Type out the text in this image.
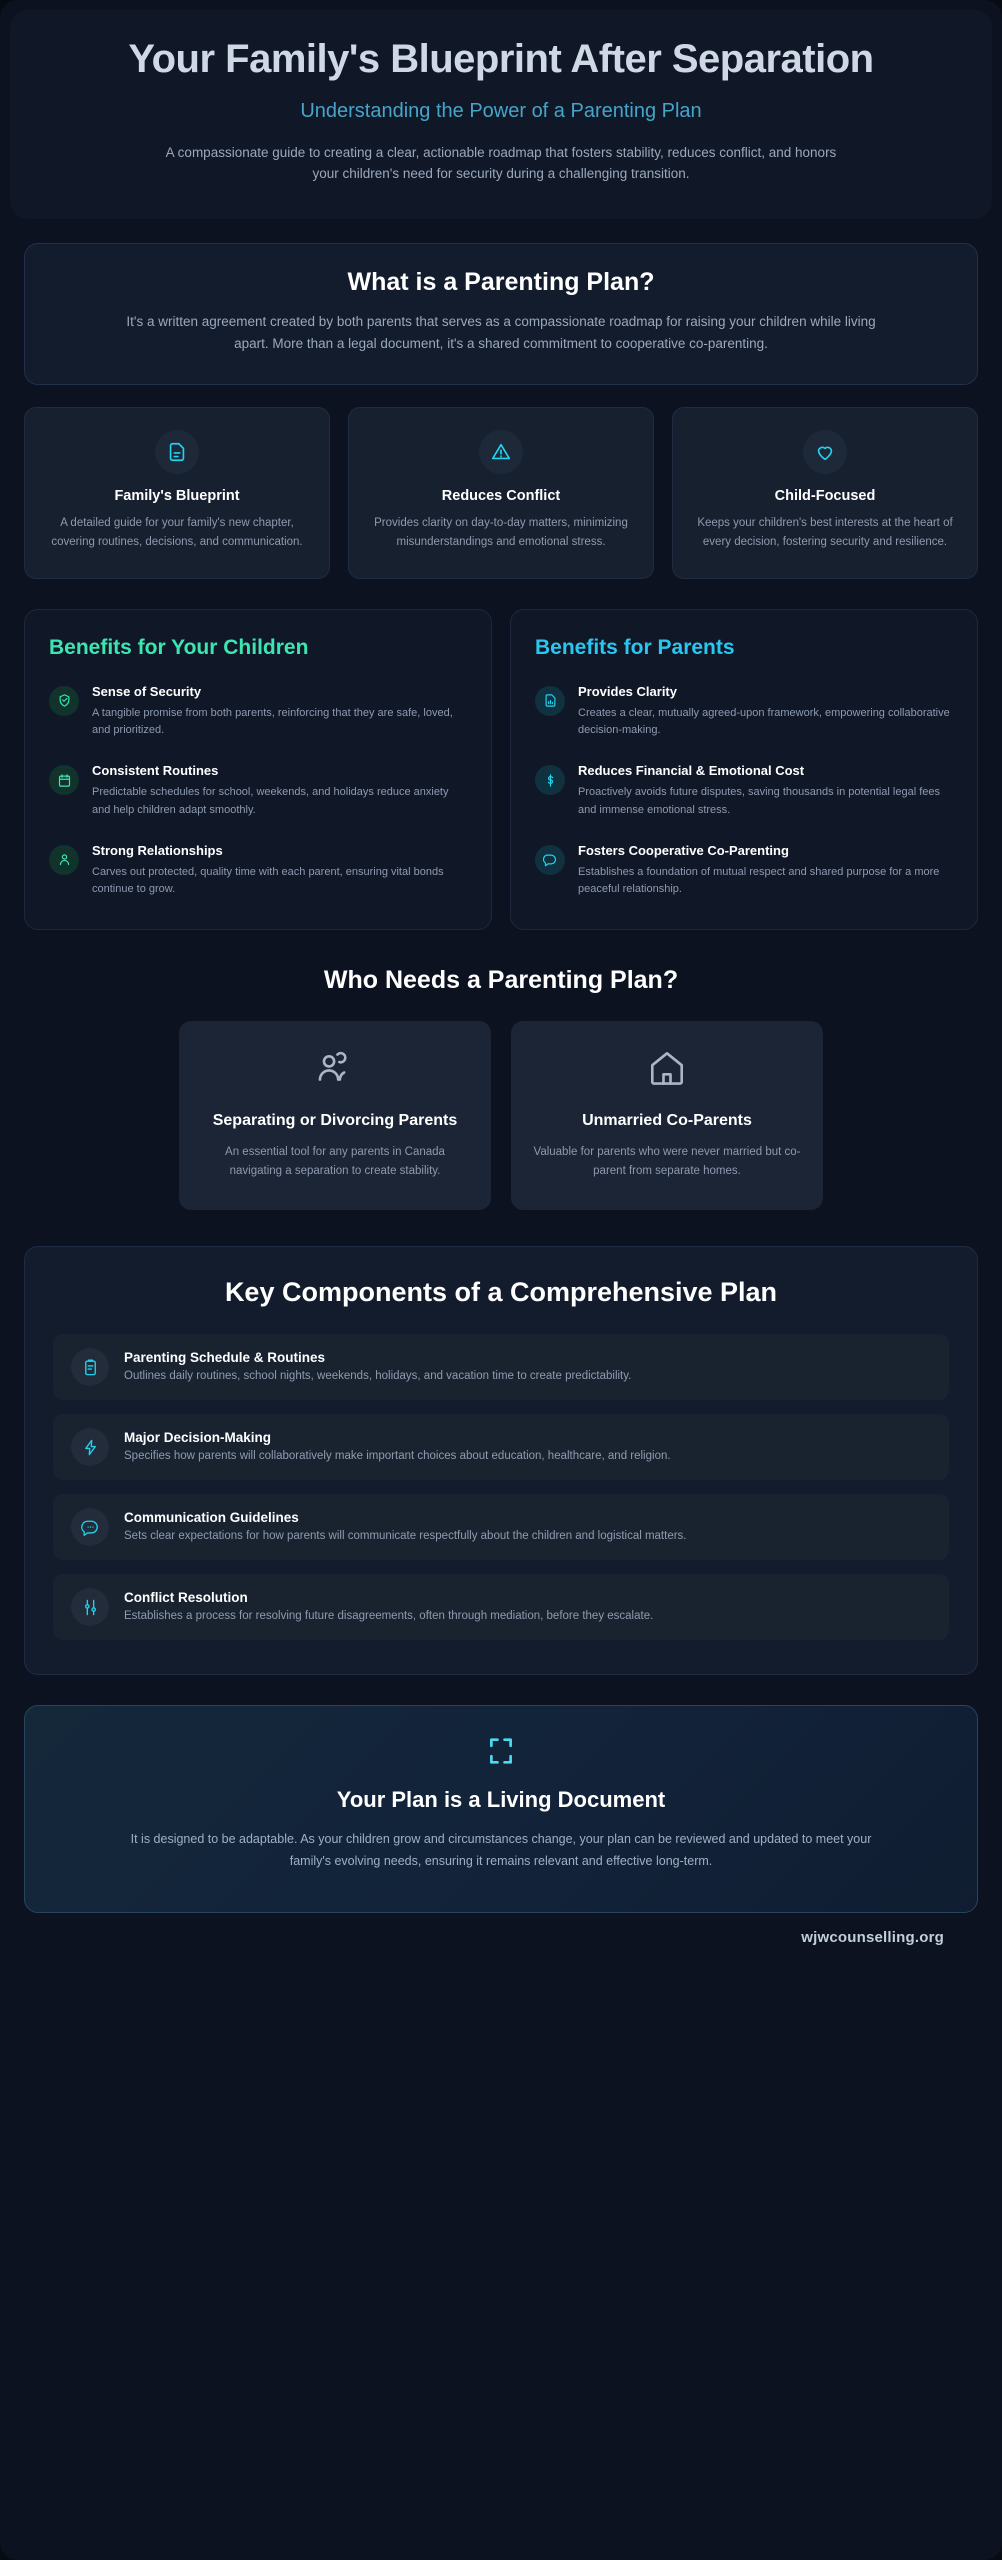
Your Family's Blueprint After Separation
Understanding the Power of a Parenting Plan
A compassionate guide to creating a clear, actionable roadmap that fosters stability, reduces conflict, and honors your children's need for security during a challenging transition.
What is a Parenting Plan?

It's a written agreement created by both parents that serves as a compassionate roadmap for raising your children while living apart. More than a legal document, it's a shared commitment to cooperative co-parenting.

Family's Blueprint

A detailed guide for your family's new chapter, covering routines, decisions, and communication.

Reduces Conflict

Provides clarity on day-to-day matters, minimizing misunderstandings and emotional stress.

Child-Focused

Keeps your children's best interests at the heart of every decision, fostering security and resilience.

Benefits for Your Children
Sense of Security

A tangible promise from both parents, reinforcing that they are safe, loved, and prioritized.

Consistent Routines

Predictable schedules for school, weekends, and holidays reduce anxiety and help children adapt smoothly.

Strong Relationships

Carves out protected, quality time with each parent, ensuring vital bonds continue to grow.

Benefits for Parents
Provides Clarity

Creates a clear, mutually agreed-upon framework, empowering collaborative decision-making.

Reduces Financial & Emotional Cost

Proactively avoids future disputes, saving thousands in potential legal fees and immense emotional stress.

Fosters Cooperative Co-Parenting

Establishes a foundation of mutual respect and shared purpose for a more peaceful relationship.

Who Needs a Parenting Plan?
Separating or Divorcing Parents

An essential tool for any parents in Canada navigating a separation to create stability.

Unmarried Co-Parents

Valuable for parents who were never married but co-parent from separate homes.

Key Components of a Comprehensive Plan
Parenting Schedule & Routines

Outlines daily routines, school nights, weekends, holidays, and vacation time to create predictability.

Major Decision-Making

Specifies how parents will collaboratively make important choices about education, healthcare, and religion.

Communication Guidelines

Sets clear expectations for how parents will communicate respectfully about the children and logistical matters.

Conflict Resolution

Establishes a process for resolving future disagreements, often through mediation, before they escalate.

Your Plan is a Living Document

It is designed to be adaptable. As your children grow and circumstances change, your plan can be reviewed and updated to meet your family's evolving needs, ensuring it remains relevant and effective long-term.

wjwcounselling.org
